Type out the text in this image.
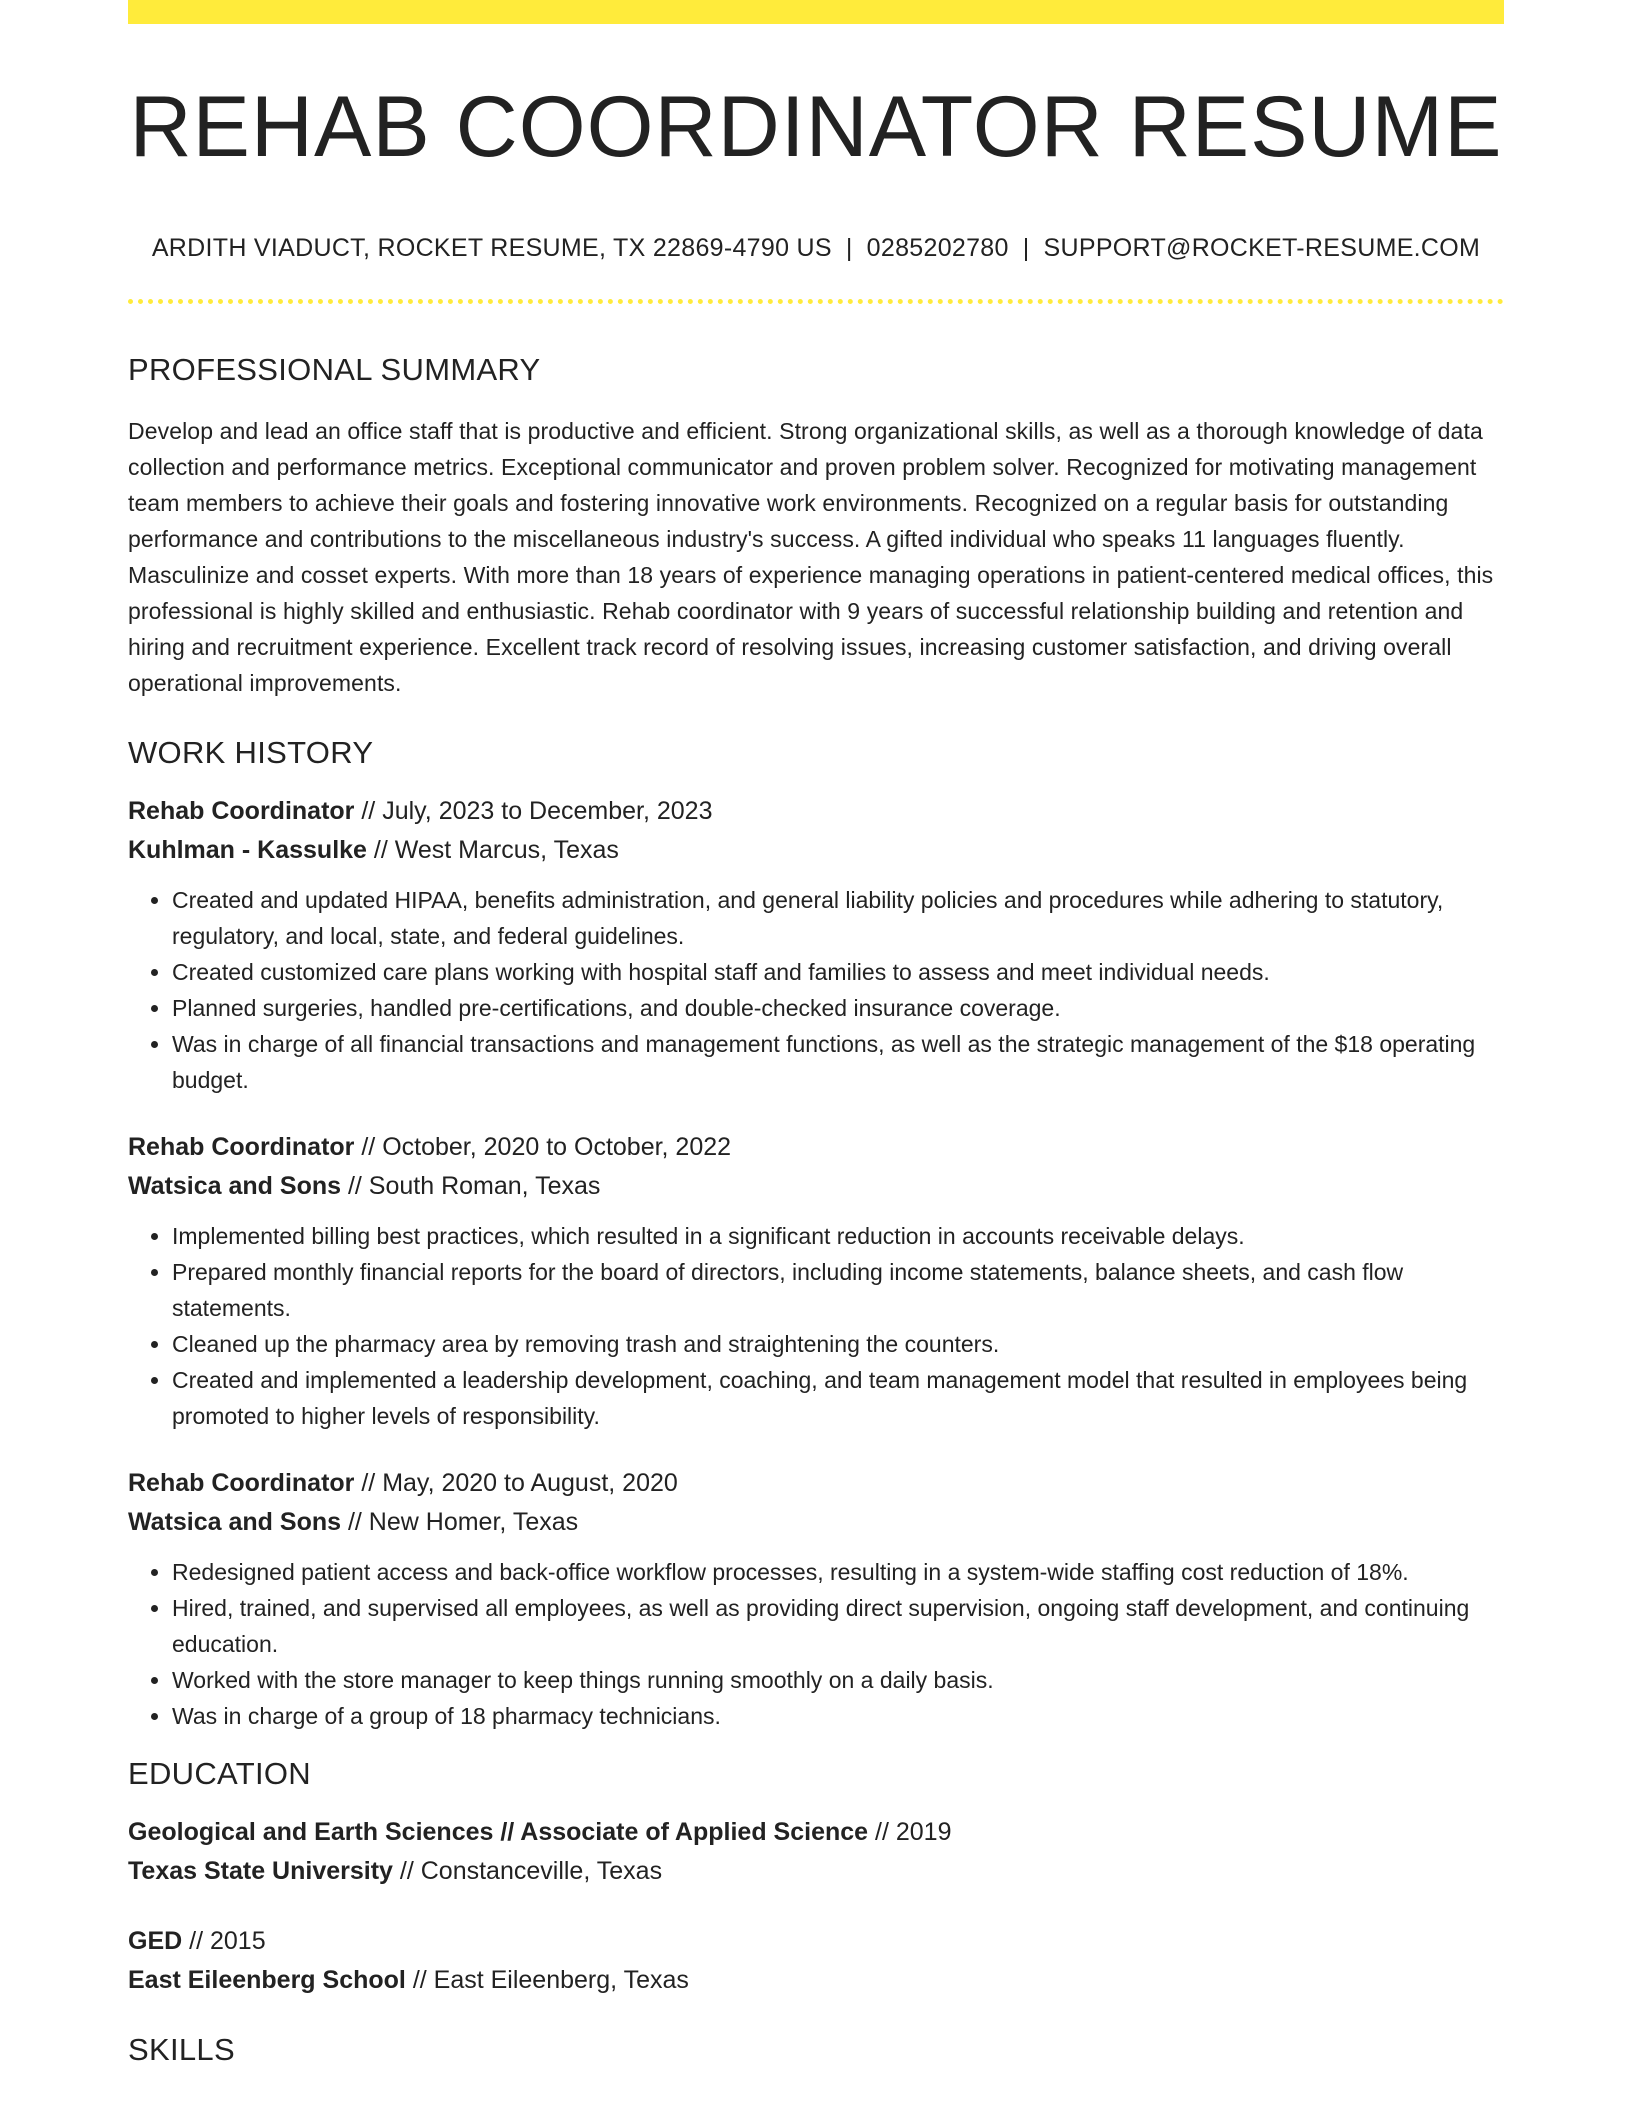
REHAB COORDINATOR RESUME
ARDITH VIADUCT, ROCKET RESUME, TX 22869-4790 US | 0285202780 | SUPPORT@ROCKET-RESUME.COM
PROFESSIONAL SUMMARY

Develop and lead an office staff that is productive and efficient. Strong organizational skills, as well as a thorough knowledge of data collection and performance metrics. Exceptional communicator and proven problem solver. Recognized for motivating management team members to achieve their goals and fostering innovative work environments. Recognized on a regular basis for outstanding performance and contributions to the miscellaneous industry's success. A gifted individual who speaks 11 languages fluently. Masculinize and cosset experts. With more than 18 years of experience managing operations in patient-centered medical offices, this professional is highly skilled and enthusiastic. Rehab coordinator with 9 years of successful relationship building and retention and hiring and recruitment experience. Excellent track record of resolving issues, increasing customer satisfaction, and driving overall operational improvements.

WORK HISTORY
Rehab Coordinator // July, 2023 to December, 2023
Kuhlman - Kassulke // West Marcus, Texas
• Created and updated HIPAA, benefits administration, and general liability policies and procedures while adhering to statutory, regulatory, and local, state, and federal guidelines.
• Created customized care plans working with hospital staff and families to assess and meet individual needs.
• Planned surgeries, handled pre-certifications, and double-checked insurance coverage.
• Was in charge of all financial transactions and management functions, as well as the strategic management of the $18 operating budget.
Rehab Coordinator // October, 2020 to October, 2022
Watsica and Sons // South Roman, Texas
• Implemented billing best practices, which resulted in a significant reduction in accounts receivable delays.
• Prepared monthly financial reports for the board of directors, including income statements, balance sheets, and cash flow statements.
• Cleaned up the pharmacy area by removing trash and straightening the counters.
• Created and implemented a leadership development, coaching, and team management model that resulted in employees being promoted to higher levels of responsibility.
Rehab Coordinator // May, 2020 to August, 2020
Watsica and Sons // New Homer, Texas
• Redesigned patient access and back-office workflow processes, resulting in a system-wide staffing cost reduction of 18%.
• Hired, trained, and supervised all employees, as well as providing direct supervision, ongoing staff development, and continuing education.
• Worked with the store manager to keep things running smoothly on a daily basis.
• Was in charge of a group of 18 pharmacy technicians.
EDUCATION
Geological and Earth Sciences // Associate of Applied Science // 2019
Texas State University // Constanceville, Texas
GED // 2015
East Eileenberg School // East Eileenberg, Texas
SKILLS
